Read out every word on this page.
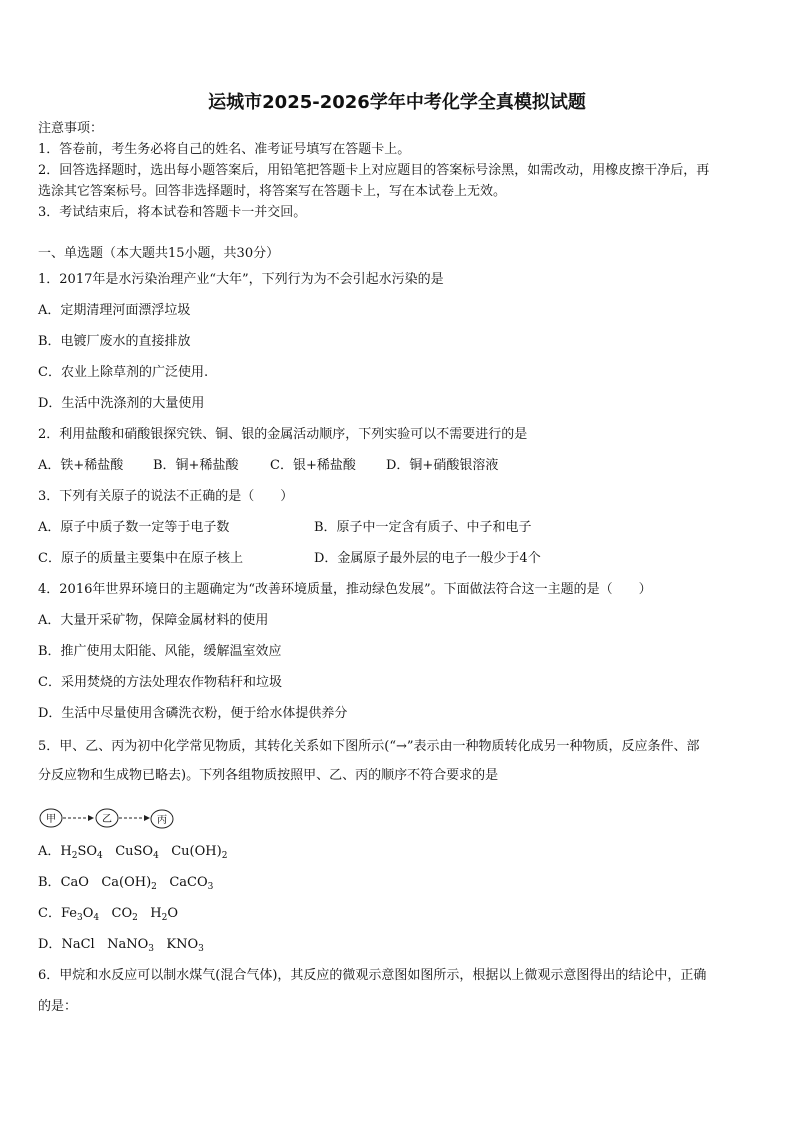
运城市2025-2026学年中考化学全真模拟试题
注意事项：
1．答卷前，考生务必将自己的姓名、准考证号填写在答题卡上。
2．回答选择题时，选出每小题答案后，用铅笔把答题卡上对应题目的答案标号涂黑，如需改动，用橡皮擦干净后，再
选涂其它答案标号。回答非选择题时，将答案写在答题卡上，写在本试卷上无效。
3．考试结束后，将本试卷和答题卡一并交回。
一、单选题（本大题共15小题，共30分）
1．2017年是水污染治理产业“大年”，下列行为为不会引起水污染的是
A．定期清理河面漂浮垃圾
B．电镀厂废水的直接排放
C．农业上除草剂的广泛使用.
D．生活中洗涤剂的大量使用
2．利用盐酸和硝酸银探究铁、铜、银的金属活动顺序，下列实验可以不需要进行的是
A．铁+稀盐酸 B．铜+稀盐酸 C．银+稀盐酸 D．铜+硝酸银溶液
3．下列有关原子的说法不正确的是（　　）
A．原子中质子数一定等于电子数	B．原子中一定含有质子、中子和电子
C．原子的质量主要集中在原子核上	D．金属原子最外层的电子一般少于4个
4．2016年世界环境日的主题确定为“改善环境质量，推动绿色发展”。下面做法符合这一主题的是（　　）
A．大量开采矿物，保障金属材料的使用
B．推广使用太阳能、风能，缓解温室效应
C．采用焚烧的方法处理农作物秸秆和垃圾
D．生活中尽量使用含磷洗衣粉，便于给水体提供养分
5．甲、乙、丙为初中化学常见物质，其转化关系如下图所示(“→”表示由一种物质转化成另一种物质，反应条件、部
分反应物和生成物已略去)。下列各组物质按照甲、乙、丙的顺序不符合要求的是
甲	乙	丙
A．$H_2SO_4$ CuSO$_4$ $Cu(OH)_2$
B．CaO $Ca(OH)_2$ CaCO$_3$
C．$Fe_3O_4$ $CO_2$ $H_2O$
D．NaCl NaNO$_3$ $KNO_3$
6．甲烷和水反应可以制水煤气(混合气体)，其反应的微观示意图如图所示，根据以上微观示意图得出的结论中，正确
的是：
